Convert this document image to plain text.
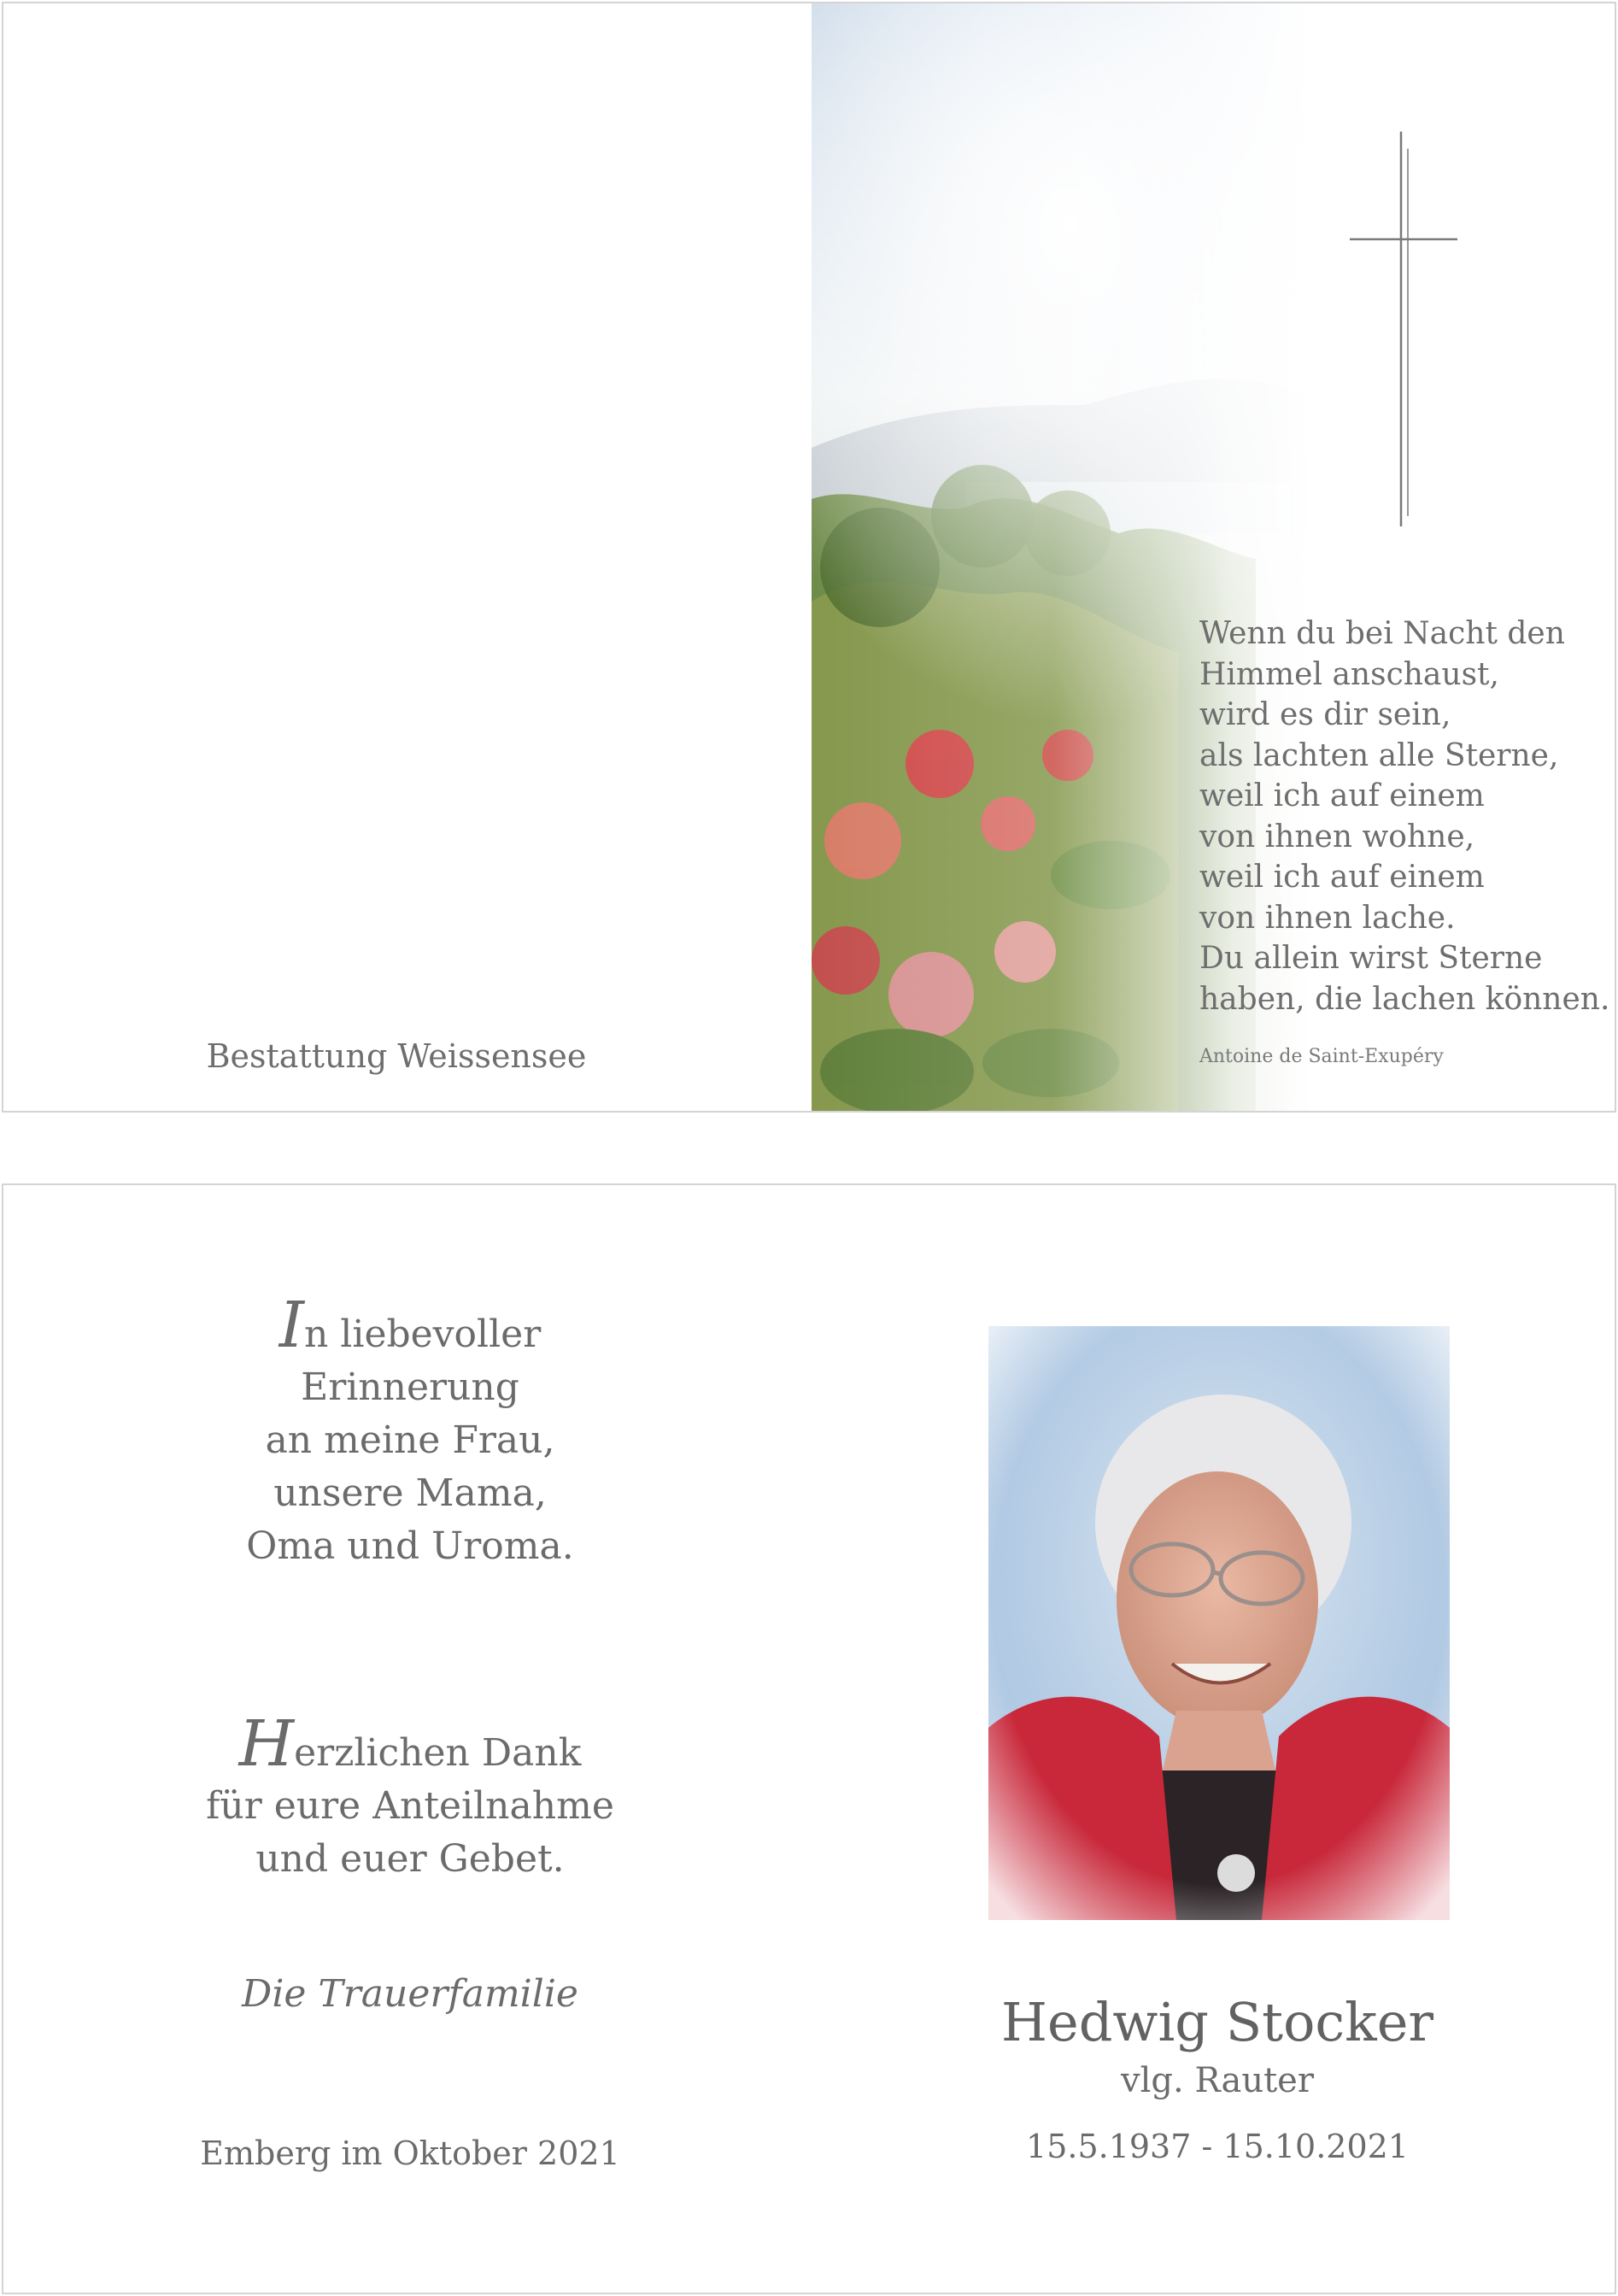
Bestattung Weissensee
Wenn du bei Nacht den
Himmel anschaust,
wird es dir sein,
als lachten alle Sterne,
weil ich auf einem
von ihnen wohne,
weil ich auf einem
von ihnen lache.
Du allein wirst Sterne
haben, die lachen können.
Antoine de Saint-Exupéry
In liebevoller
Erinnerung
an meine Frau,
unsere Mama,
Oma und Uroma.
Herzlichen Dank
für eure Anteilnahme
und euer Gebet.
Die Trauerfamilie
Emberg im Oktober 2021
Hedwig Stocker
vlg. Rauter
15.5.1937 - 15.10.2021
